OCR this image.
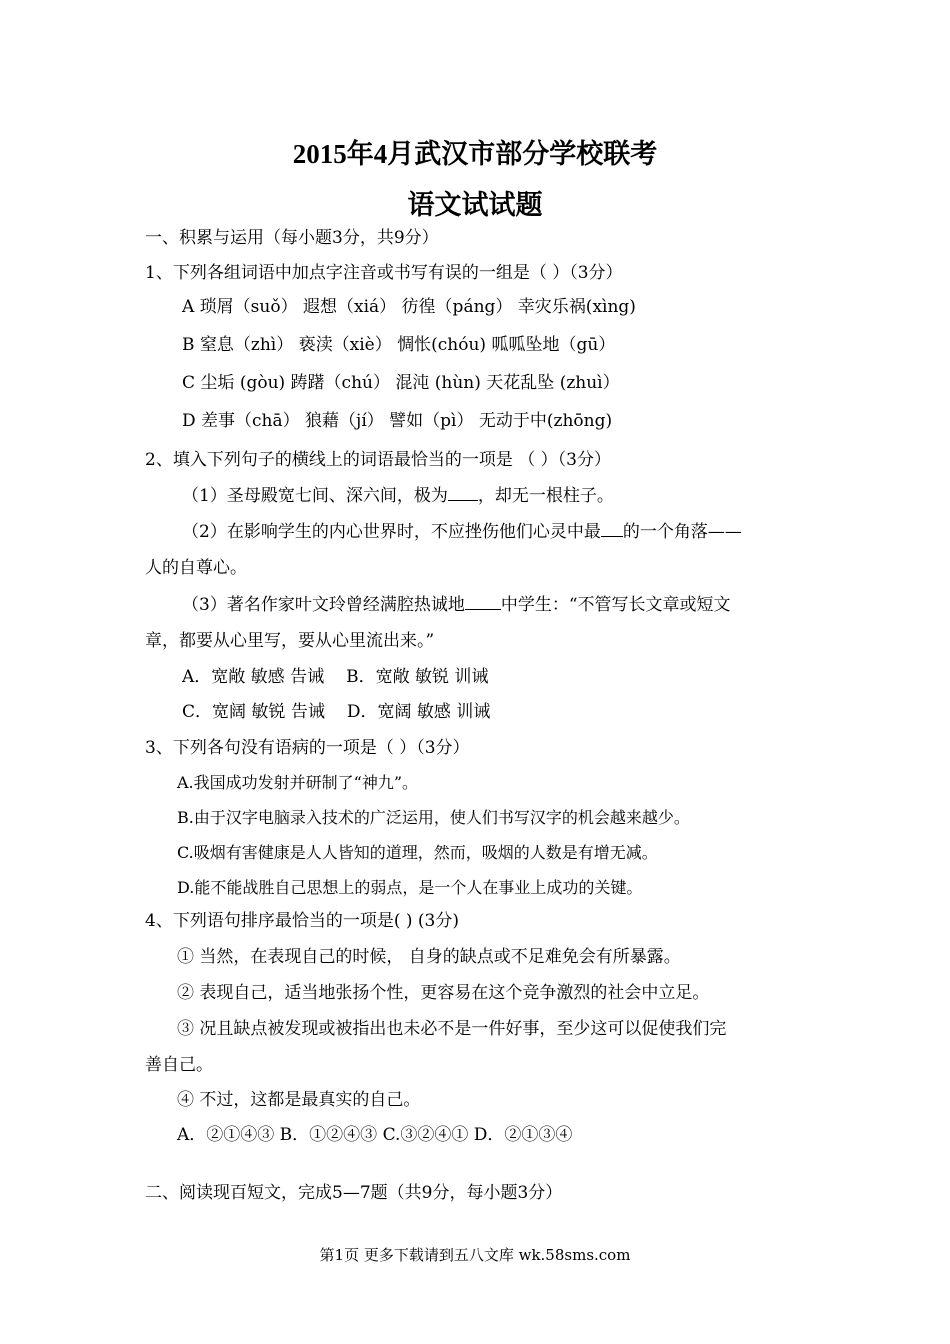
2015年4月武汉市部分学校联考
语文试试题
一、积累与运用（每小题3分，共9分）
1、下列各组词语中加点字注音或书写有误的一组是（ ）（3分）
A 琐屑（suǒ） 遐想（xiá） 彷徨（páng） 幸灾乐祸(xìng)
B 窒息（zhì） 亵渎（xiè） 惆怅(chóu) 呱呱坠地（gū）
C 尘垢 (gòu) 踌躇（chú） 混沌 (hùn) 天花乱坠 (zhuì）
D 差事（chā） 狼藉（jí） 譬如（pì） 无动于中(zhōng)
2、填入下列句子的横线上的词语最恰当的一项是 （ ）（3分）
（1）圣母殿宽七间、深六间，极为 ，却无一根柱子。
（2）在影响学生的内心世界时，不应挫伤他们心灵中最 的一个角落——
人的自尊心。
（3）著名作家叶文玲曾经满腔热诚地 中学生：“不管写长文章或短文
章，都要从心里写，要从心里流出来。”
A．宽敞 敏感 告诫 B．宽敞 敏锐 训诫
C．宽阔 敏锐 告诫 D．宽阔 敏感 训诫
3、下列各句没有语病的一项是（ ）（3分）
A.我国成功发射并研制了“神九”。
B.由于汉字电脑录入技术的广泛运用，使人们书写汉字的机会越来越少。
C.吸烟有害健康是人人皆知的道理，然而，吸烟的人数是有增无减。
D.能不能战胜自己思想上的弱点，是一个人在事业上成功的关键。
4、下列语句排序最恰当的一项是( ) (3分)
① 当然，在表现自己的时候， 自身的缺点或不足难免会有所暴露。
② 表现自己，适当地张扬个性，更容易在这个竞争激烈的社会中立足。
③ 况且缺点被发现或被指出也未必不是一件好事，至少这可以促使我们完
善自己。
④ 不过，这都是最真实的自己。
A．②①④③ B．①②④③ C.③②④① D．②①③④
二、阅读现百短文，完成5—7题（共9分，每小题3分）
第1页 更多下载请到五八文库 wk.58sms.com
